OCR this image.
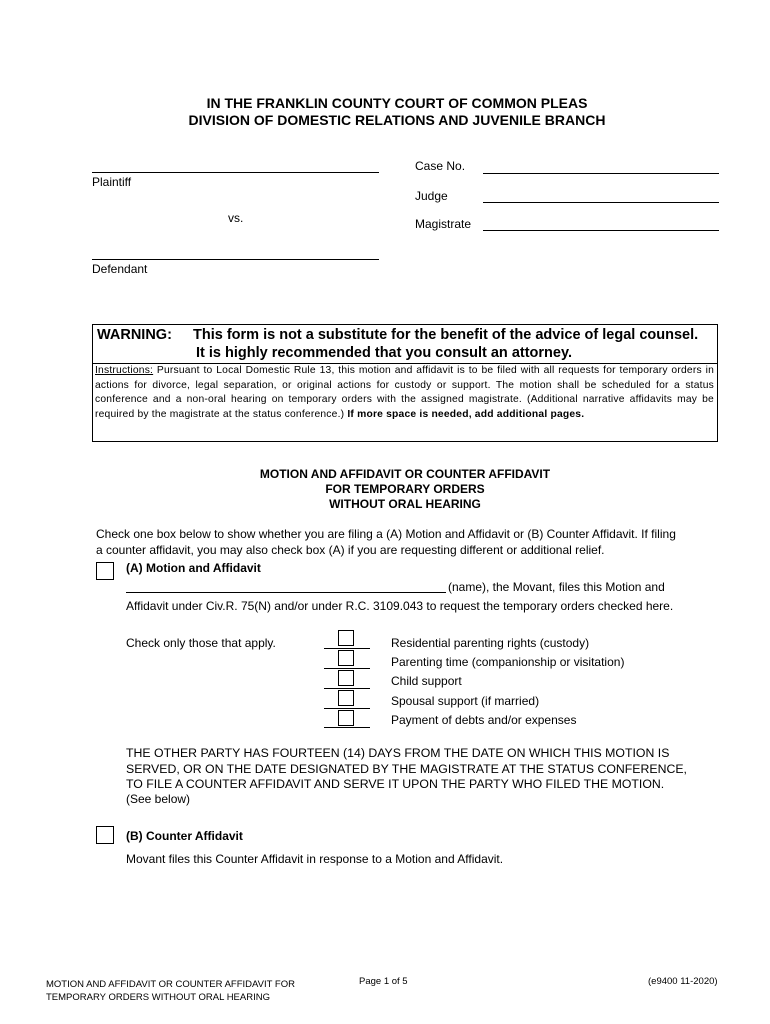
IN THE FRANKLIN COUNTY COURT OF COMMON PLEAS
DIVISION OF DOMESTIC RELATIONS AND JUVENILE BRANCH
Plaintiff
vs.
Defendant
Case No.
Judge
Magistrate
WARNING: This form is not a substitute for the benefit of the advice of legal counsel.
It is highly recommended that you consult an attorney.
Instructions: Pursuant to Local Domestic Rule 13, this motion and affidavit is to be filed with all requests for temporary orders in actions for divorce, legal separation, or original actions for custody or support. The motion shall be scheduled for a status conference and a non-oral hearing on temporary orders with the assigned magistrate. (Additional narrative affidavits may be required by the magistrate at the status conference.) If more space is needed, add additional pages.
MOTION AND AFFIDAVIT OR COUNTER AFFIDAVIT
FOR TEMPORARY ORDERS
WITHOUT ORAL HEARING
Check one box below to show whether you are filing a (A) Motion and Affidavit or (B) Counter Affidavit. If filing
a counter affidavit, you may also check box (A) if you are requesting different or additional relief.
(A) Motion and Affidavit
(name), the Movant, files this Motion and
Affidavit under Civ.R. 75(N) and/or under R.C. 3109.043 to request the temporary orders checked here.
Check only those that apply.	Residential parenting rights (custody)
Parenting time (companionship or visitation)
Child support
Spousal support (if married)
Payment of debts and/or expenses
THE OTHER PARTY HAS FOURTEEN (14) DAYS FROM THE DATE ON WHICH THIS MOTION IS
SERVED, OR ON THE DATE DESIGNATED BY THE MAGISTRATE AT THE STATUS CONFERENCE,
TO FILE A COUNTER AFFIDAVIT AND SERVE IT UPON THE PARTY WHO FILED THE MOTION.
(See below)
(B) Counter Affidavit
Movant files this Counter Affidavit in response to a Motion and Affidavit.
MOTION AND AFFIDAVIT OR COUNTER AFFIDAVIT FOR
TEMPORARY ORDERS WITHOUT ORAL HEARING
Page 1 of 5	(e9400 11-2020)
